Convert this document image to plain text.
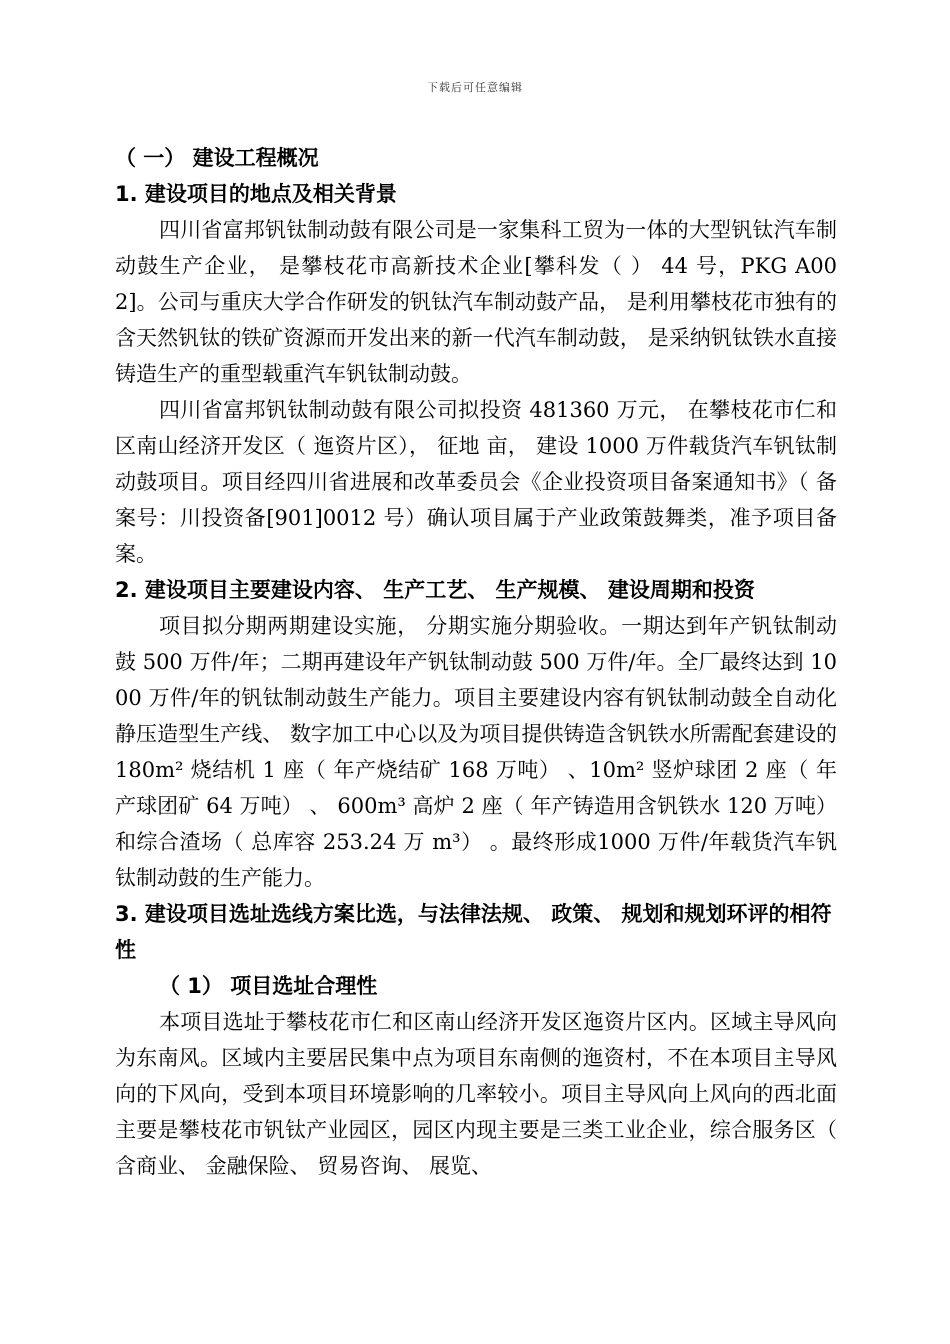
下载后可任意编辑

（ 一） 建设工程概况

1. 建设项目的地点及相关背景

四川省富邦钒钛制动鼓有限公司是一家集科工贸为一体的大型钒钛汽车制动鼓生产企业， 是攀枝花市高新技术企业[攀科发（ ） 44 号，PKG A002]。公司与重庆大学合作研发的钒钛汽车制动鼓产品， 是利用攀枝花市独有的含天然钒钛的铁矿资源而开发出来的新一代汽车制动鼓， 是采纳钒钛铁水直接铸造生产的重型载重汽车钒钛制动鼓。

四川省富邦钒钛制动鼓有限公司拟投资 481360 万元， 在攀枝花市仁和区南山经济开发区（ 迤资片区）， 征地 亩， 建设 1000 万件载货汽车钒钛制动鼓项目。项目经四川省进展和改革委员会《企业投资项目备案通知书》（ 备案号：川投资备[901]0012 号）确认项目属于产业政策鼓舞类，准予项目备案。

2. 建设项目主要建设内容、 生产工艺、 生产规模、 建设周期和投资

项目拟分期两期建设实施， 分期实施分期验收。一期达到年产钒钛制动鼓 500 万件/年；二期再建设年产钒钛制动鼓 500 万件/年。全厂最终达到 1000 万件/年的钒钛制动鼓生产能力。项目主要建设内容有钒钛制动鼓全自动化静压造型生产线、 数字加工中心以及为项目提供铸造含钒铁水所需配套建设的 180m² 烧结机 1 座（ 年产烧结矿 168 万吨） 、10m² 竖炉球团 2 座（ 年产球团矿 64 万吨） 、 600m³ 高炉 2 座（ 年产铸造用含钒铁水 120 万吨） 和综合渣场（ 总库容 253.24 万 m³） 。最终形成1000 万件/年载货汽车钒钛制动鼓的生产能力。

3. 建设项目选址选线方案比选，与法律法规、 政策、 规划和规划环评的相符性

（ 1） 项目选址合理性

本项目选址于攀枝花市仁和区南山经济开发区迤资片区内。区域主导风向为东南风。区域内主要居民集中点为项目东南侧的迤资村，不在本项目主导风向的下风向，受到本项目环境影响的几率较小。项目主导风向上风向的西北面主要是攀枝花市钒钛产业园区，园区内现主要是三类工业企业，综合服务区（ 含商业、 金融保险、 贸易咨询、 展览、
